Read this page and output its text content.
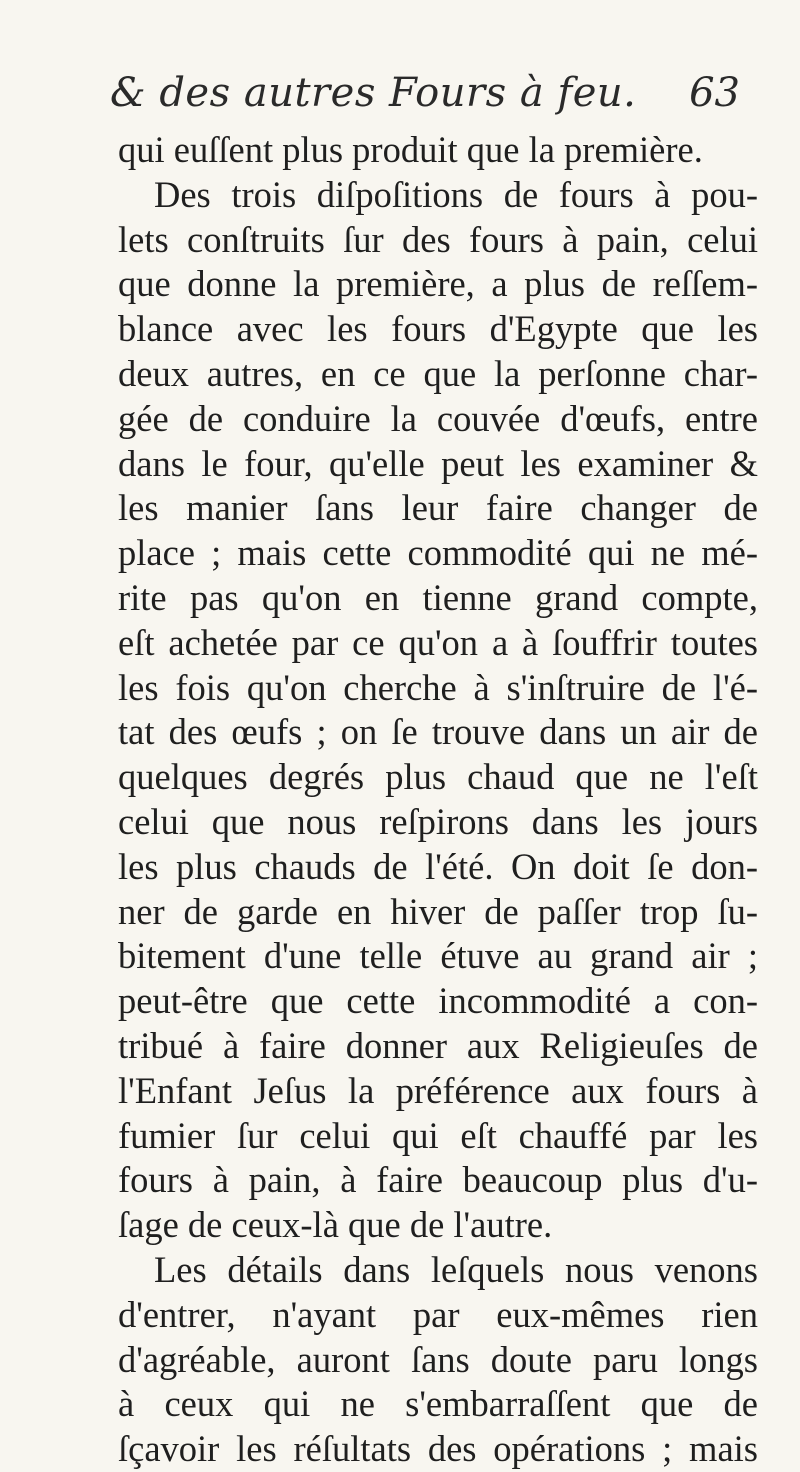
& des autres Fours à feu. 63
qui euſſent plus produit que la première.
Des trois diſpoſitions de fours à pou-
lets conſtruits ſur des fours à pain, celui
que donne la première, a plus de reſſem-
blance avec les fours d'Egypte que les
deux autres, en ce que la perſonne char-
gée de conduire la couvée d'œufs, entre
dans le four, qu'elle peut les examiner &
les manier ſans leur faire changer de
place ; mais cette commodité qui ne mé-
rite pas qu'on en tienne grand compte,
eſt achetée par ce qu'on a à ſouffrir toutes
les fois qu'on cherche à s'inſtruire de l'é-
tat des œufs ; on ſe trouve dans un air de
quelques degrés plus chaud que ne l'eſt
celui que nous reſpirons dans les jours
les plus chauds de l'été. On doit ſe don-
ner de garde en hiver de paſſer trop ſu-
bitement d'une telle étuve au grand air ;
peut-être que cette incommodité a con-
tribué à faire donner aux Religieuſes de
l'Enfant Jeſus la préférence aux fours à
fumier ſur celui qui eſt chauffé par les
fours à pain, à faire beaucoup plus d'u-
ſage de ceux-là que de l'autre.
Les détails dans leſquels nous venons
d'entrer, n'ayant par eux-mêmes rien
d'agréable, auront ſans doute paru longs
à ceux qui ne s'embarraſſent que de
ſçavoir les réſultats des opérations ; mais
